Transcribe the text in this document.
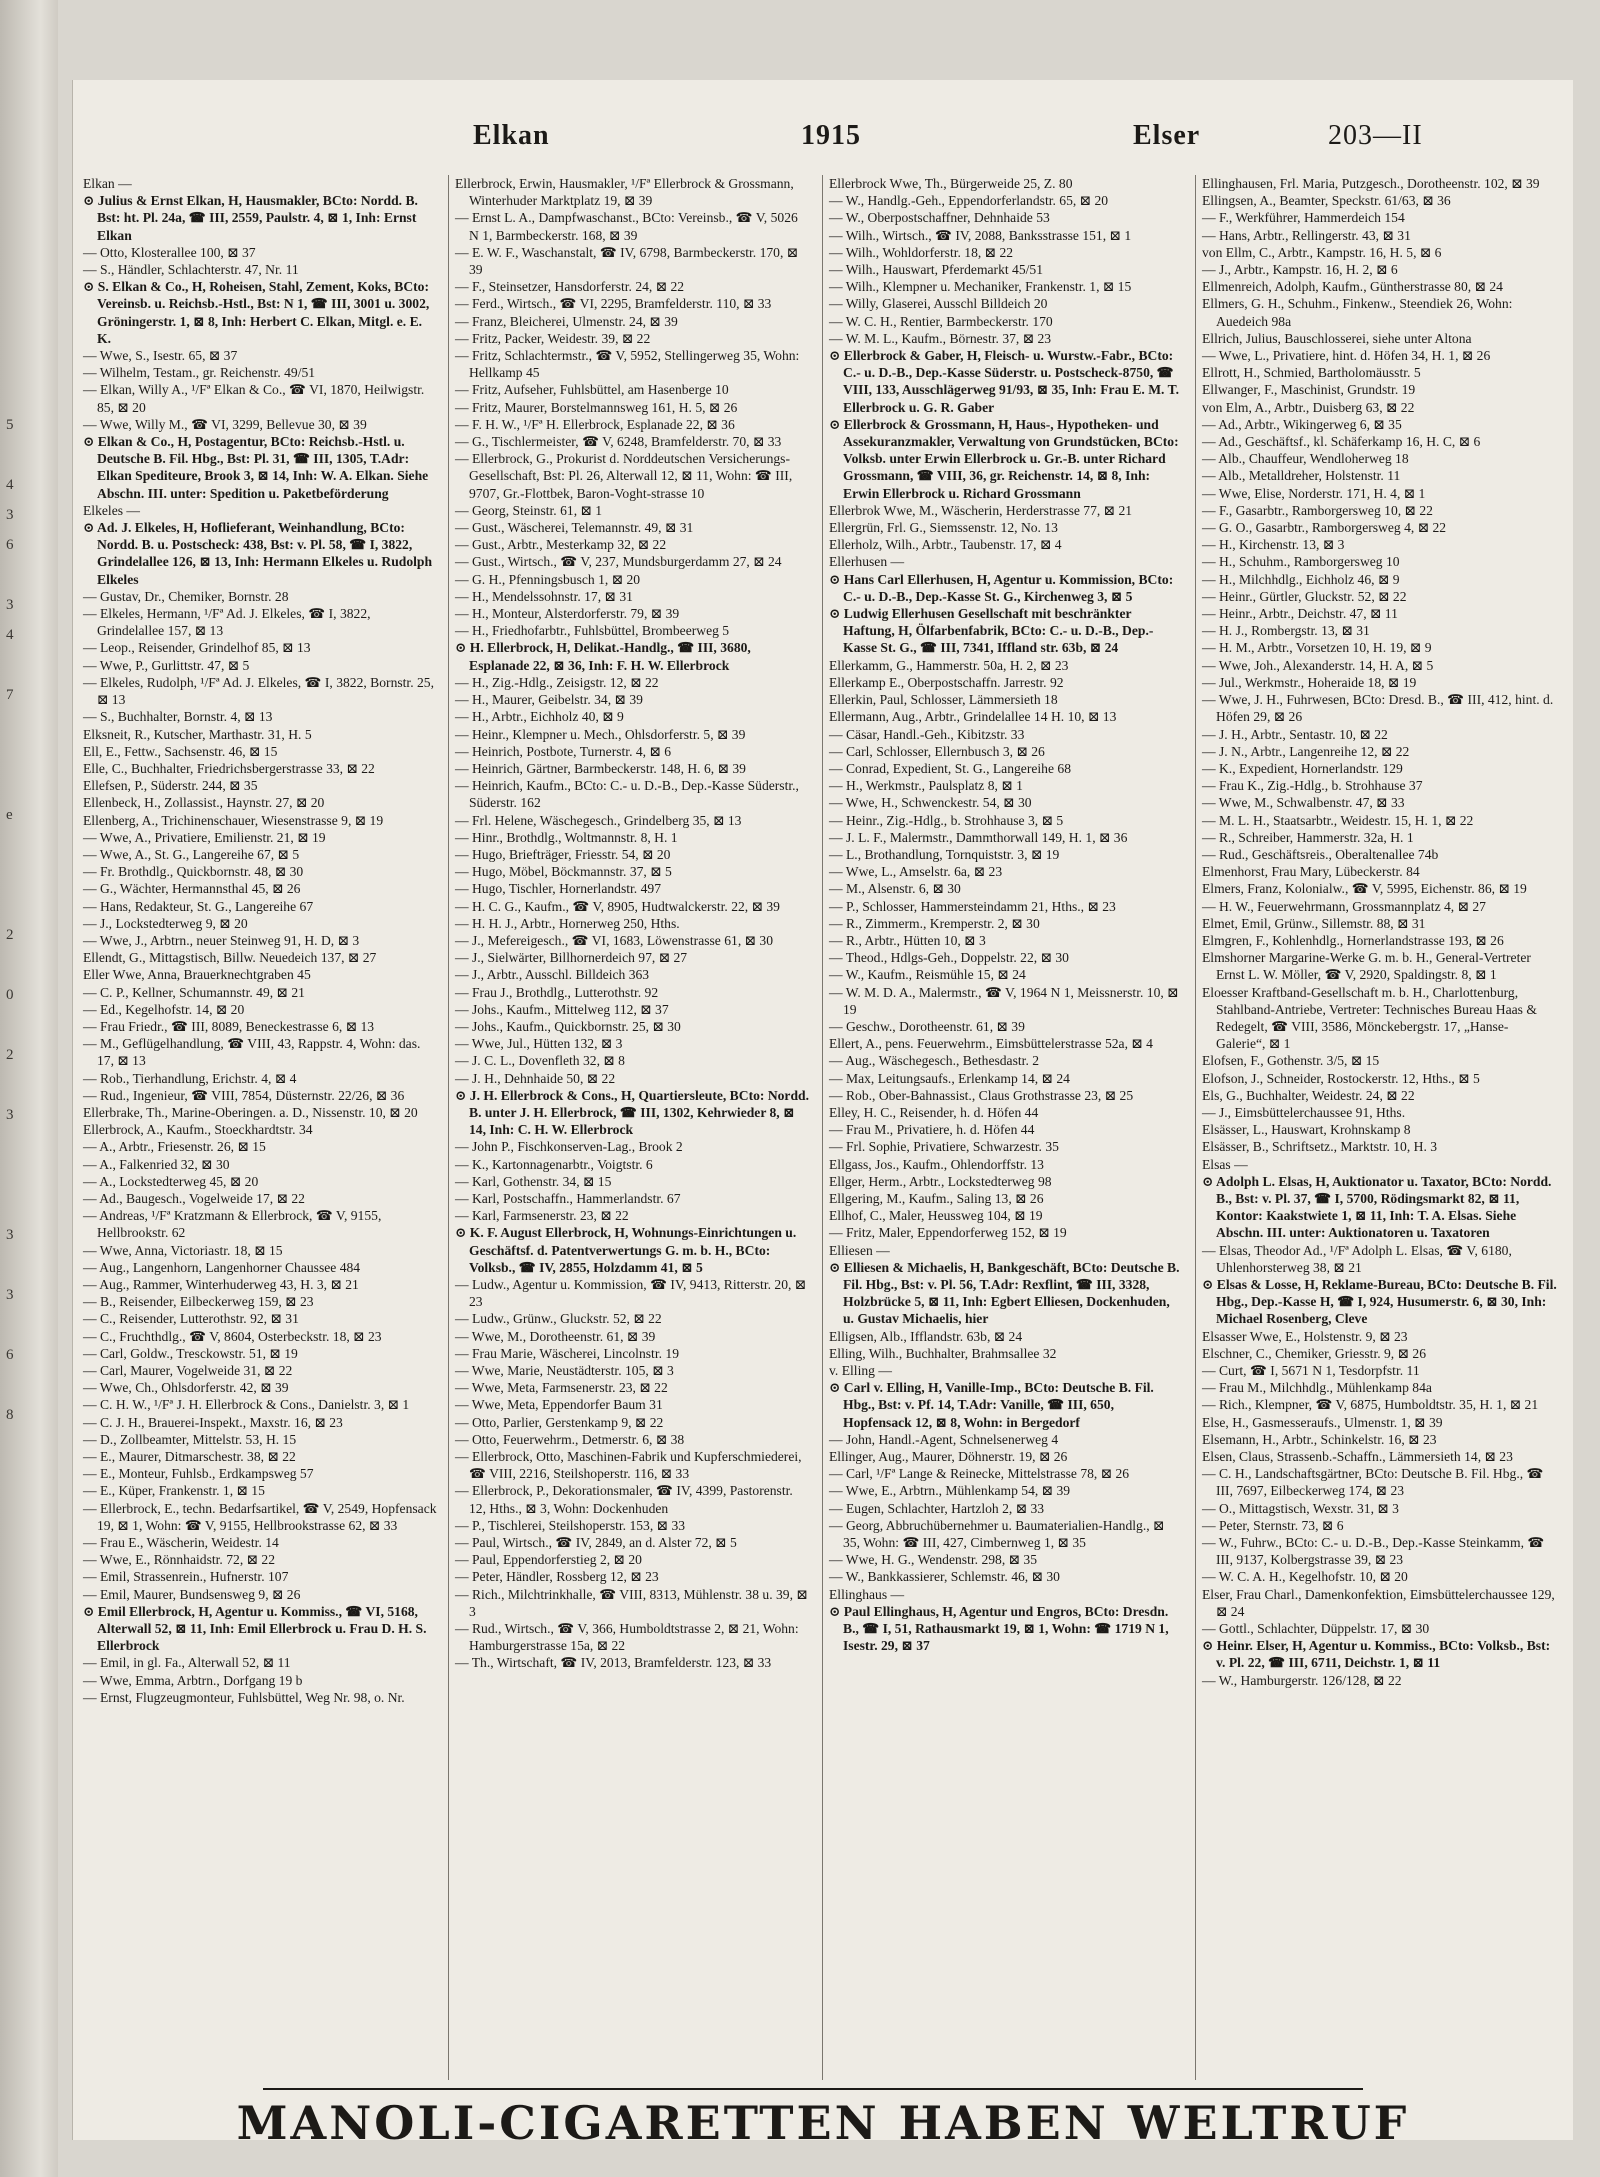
5
4
3
6
3
4
7
e
2
0
2
3
3
3
6
8
Elkan	1915	Elser	203—II

Elkan —

⊙ Julius & Ernst Elkan, H, Hausmakler, BCto: Nordd. B. Bst: ht. Pl. 24a, ☎ III, 2559, Paulstr. 4, ⊠ 1, Inh: Ernst Elkan

— Otto, Klosterallee 100, ⊠ 37

— S., Händler, Schlachterstr. 47, Nr. 11

⊙ S. Elkan & Co., H, Roheisen, Stahl, Zement, Koks, BCto: Vereinsb. u. Reichsb.-Hstl., Bst: N 1, ☎ III, 3001 u. 3002, Gröningerstr. 1, ⊠ 8, Inh: Herbert C. Elkan, Mitgl. e. E. K.

— Wwe, S., Isestr. 65, ⊠ 37

— Wilhelm, Testam., gr. Reichenstr. 49/51

— Elkan, Willy A., ¹/Fª Elkan & Co., ☎ VI, 1870, Heilwigstr. 85, ⊠ 20

— Wwe, Willy M., ☎ VI, 3299, Bellevue 30, ⊠ 39

⊙ Elkan & Co., H, Postagentur, BCto: Reichsb.-Hstl. u. Deutsche B. Fil. Hbg., Bst: Pl. 31, ☎ III, 1305, T.Adr: Elkan Spediteure, Brook 3, ⊠ 14, Inh: W. A. Elkan. Siehe Abschn. III. unter: Spedition u. Paketbeförderung

Elkeles —

⊙ Ad. J. Elkeles, H, Hoflieferant, Weinhandlung, BCto: Nordd. B. u. Postscheck: 438, Bst: v. Pl. 58, ☎ I, 3822, Grindelallee 126, ⊠ 13, Inh: Hermann Elkeles u. Rudolph Elkeles

— Gustav, Dr., Chemiker, Bornstr. 28

— Elkeles, Hermann, ¹/Fª Ad. J. Elkeles, ☎ I, 3822, Grindelallee 157, ⊠ 13

— Leop., Reisender, Grindelhof 85, ⊠ 13

— Wwe, P., Gurlittstr. 47, ⊠ 5

— Elkeles, Rudolph, ¹/Fª Ad. J. Elkeles, ☎ I, 3822, Bornstr. 25, ⊠ 13

— S., Buchhalter, Bornstr. 4, ⊠ 13

Elksneit, R., Kutscher, Marthastr. 31, H. 5

Ell, E., Fettw., Sachsenstr. 46, ⊠ 15

Elle, C., Buchhalter, Friedrichsbergerstrasse 33, ⊠ 22

Ellefsen, P., Süderstr. 244, ⊠ 35

Ellenbeck, H., Zollassist., Haynstr. 27, ⊠ 20

Ellenberg, A., Trichinenschauer, Wiesenstrasse 9, ⊠ 19

— Wwe, A., Privatiere, Emilienstr. 21, ⊠ 19

— Wwe, A., St. G., Langereihe 67, ⊠ 5

— Fr. Brothdlg., Quickbornstr. 48, ⊠ 30

— G., Wächter, Hermannsthal 45, ⊠ 26

— Hans, Redakteur, St. G., Langereihe 67

— J., Lockstedterweg 9, ⊠ 20

— Wwe, J., Arbtrn., neuer Steinweg 91, H. D, ⊠ 3

Ellendt, G., Mittagstisch, Billw. Neuedeich 137, ⊠ 27

Eller Wwe, Anna, Brauerknechtgraben 45

— C. P., Kellner, Schumannstr. 49, ⊠ 21

— Ed., Kegelhofstr. 14, ⊠ 20

— Frau Friedr., ☎ III, 8089, Beneckestrasse 6, ⊠ 13

— M., Geflügelhandlung, ☎ VIII, 43, Rappstr. 4, Wohn: das. 17, ⊠ 13

— Rob., Tierhandlung, Erichstr. 4, ⊠ 4

— Rud., Ingenieur, ☎ VIII, 7854, Düsternstr. 22/26, ⊠ 36

Ellerbrake, Th., Marine-Oberingen. a. D., Nissenstr. 10, ⊠ 20

Ellerbrock, A., Kaufm., Stoeckhardtstr. 34

— A., Arbtr., Friesenstr. 26, ⊠ 15

— A., Falkenried 32, ⊠ 30

— A., Lockstedterweg 45, ⊠ 20

— Ad., Baugesch., Vogelweide 17, ⊠ 22

— Andreas, ¹/Fª Kratzmann & Ellerbrock, ☎ V, 9155, Hellbrookstr. 62

— Wwe, Anna, Victoriastr. 18, ⊠ 15

— Aug., Langenhorn, Langenhorner Chaussee 484

— Aug., Rammer, Winterhuderweg 43, H. 3, ⊠ 21

— B., Reisender, Eilbeckerweg 159, ⊠ 23

— C., Reisender, Lutterothstr. 92, ⊠ 31

— C., Fruchthdlg., ☎ V, 8604, Osterbeckstr. 18, ⊠ 23

— Carl, Goldw., Tresckowstr. 51, ⊠ 19

— Carl, Maurer, Vogelweide 31, ⊠ 22

— Wwe, Ch., Ohlsdorferstr. 42, ⊠ 39

— C. H. W., ¹/Fª J. H. Ellerbrock & Cons., Danielstr. 3, ⊠ 1

— C. J. H., Brauerei-Inspekt., Maxstr. 16, ⊠ 23

— D., Zollbeamter, Mittelstr. 53, H. 15

— E., Maurer, Ditmarschestr. 38, ⊠ 22

— E., Monteur, Fuhlsb., Erdkampsweg 57

— E., Küper, Frankenstr. 1, ⊠ 15

— Ellerbrock, E., techn. Bedarfsartikel, ☎ V, 2549, Hopfensack 19, ⊠ 1, Wohn: ☎ V, 9155, Hellbrookstrasse 62, ⊠ 33

— Frau E., Wäscherin, Weidestr. 14

— Wwe, E., Rönnhaidstr. 72, ⊠ 22

— Emil, Strassenrein., Hufnerstr. 107

— Emil, Maurer, Bundsensweg 9, ⊠ 26

⊙ Emil Ellerbrock, H, Agentur u. Kommiss., ☎ VI, 5168, Alterwall 52, ⊠ 11, Inh: Emil Ellerbrock u. Frau D. H. S. Ellerbrock

— Emil, in gl. Fa., Alterwall 52, ⊠ 11

— Wwe, Emma, Arbtrn., Dorfgang 19 b

— Ernst, Flugzeugmonteur, Fuhlsbüttel, Weg Nr. 98, o. Nr.

Ellerbrock, Erwin, Hausmakler, ¹/Fª Ellerbrock & Grossmann, Winterhuder Marktplatz 19, ⊠ 39

— Ernst L. A., Dampfwaschanst., BCto: Vereinsb., ☎ V, 5026 N 1, Barmbeckerstr. 168, ⊠ 39

— E. W. F., Waschanstalt, ☎ IV, 6798, Barmbeckerstr. 170, ⊠ 39

— F., Steinsetzer, Hansdorferstr. 24, ⊠ 22

— Ferd., Wirtsch., ☎ VI, 2295, Bramfelderstr. 110, ⊠ 33

— Franz, Bleicherei, Ulmenstr. 24, ⊠ 39

— Fritz, Packer, Weidestr. 39, ⊠ 22

— Fritz, Schlachtermstr., ☎ V, 5952, Stellingerweg 35, Wohn: Hellkamp 45

— Fritz, Aufseher, Fuhlsbüttel, am Hasenberge 10

— Fritz, Maurer, Borstelmannsweg 161, H. 5, ⊠ 26

— F. H. W., ¹/Fª H. Ellerbrock, Esplanade 22, ⊠ 36

— G., Tischlermeister, ☎ V, 6248, Bramfelderstr. 70, ⊠ 33

— Ellerbrock, G., Prokurist d. Norddeutschen Versicherungs-Gesellschaft, Bst: Pl. 26, Alterwall 12, ⊠ 11, Wohn: ☎ III, 9707, Gr.-Flottbek, Baron-Voght-strasse 10

— Georg, Steinstr. 61, ⊠ 1

— Gust., Wäscherei, Telemannstr. 49, ⊠ 31

— Gust., Arbtr., Mesterkamp 32, ⊠ 22

— Gust., Wirtsch., ☎ V, 237, Mundsburgerdamm 27, ⊠ 24

— G. H., Pfenningsbusch 1, ⊠ 20

— H., Mendelssohnstr. 17, ⊠ 31

— H., Monteur, Alsterdorferstr. 79, ⊠ 39

— H., Friedhofarbtr., Fuhlsbüttel, Brombeerweg 5

⊙ H. Ellerbrock, H, Delikat.-Handlg., ☎ III, 3680, Esplanade 22, ⊠ 36, Inh: F. H. W. Ellerbrock

— H., Zig.-Hdlg., Zeisigstr. 12, ⊠ 22

— H., Maurer, Geibelstr. 34, ⊠ 39

— H., Arbtr., Eichholz 40, ⊠ 9

— Heinr., Klempner u. Mech., Ohlsdorferstr. 5, ⊠ 39

— Heinrich, Postbote, Turnerstr. 4, ⊠ 6

— Heinrich, Gärtner, Barmbeckerstr. 148, H. 6, ⊠ 39

— Heinrich, Kaufm., BCto: C.- u. D.-B., Dep.-Kasse Süderstr., Süderstr. 162

— Frl. Helene, Wäschegesch., Grindelberg 35, ⊠ 13

— Hinr., Brothdlg., Woltmannstr. 8, H. 1

— Hugo, Briefträger, Friesstr. 54, ⊠ 20

— Hugo, Möbel, Böckmannstr. 37, ⊠ 5

— Hugo, Tischler, Hornerlandstr. 497

— H. C. G., Kaufm., ☎ V, 8905, Hudtwalckerstr. 22, ⊠ 39

— H. H. J., Arbtr., Hornerweg 250, Hths.

— J., Mefereigesch., ☎ VI, 1683, Löwenstrasse 61, ⊠ 30

— J., Sielwärter, Billhornerdeich 97, ⊠ 27

— J., Arbtr., Ausschl. Billdeich 363

— Frau J., Brothdlg., Lutterothstr. 92

— Johs., Kaufm., Mittelweg 112, ⊠ 37

— Johs., Kaufm., Quickbornstr. 25, ⊠ 30

— Wwe, Jul., Hütten 132, ⊠ 3

— J. C. L., Dovenfleth 32, ⊠ 8

— J. H., Dehnhaide 50, ⊠ 22

⊙ J. H. Ellerbrock & Cons., H, Quartiersleute, BCto: Nordd. B. unter J. H. Ellerbrock, ☎ III, 1302, Kehrwieder 8, ⊠ 14, Inh: C. H. W. Ellerbrock

— John P., Fischkonserven-Lag., Brook 2

— K., Kartonnagenarbtr., Voigtstr. 6

— Karl, Gothenstr. 34, ⊠ 15

— Karl, Postschaffn., Hammerlandstr. 67

— Karl, Farmsenerstr. 23, ⊠ 22

⊙ K. F. August Ellerbrock, H, Wohnungs-Einrichtungen u. Geschäftsf. d. Patentverwertungs G. m. b. H., BCto: Volksb., ☎ IV, 2855, Holzdamm 41, ⊠ 5

— Ludw., Agentur u. Kommission, ☎ IV, 9413, Ritterstr. 20, ⊠ 23

— Ludw., Grünw., Gluckstr. 52, ⊠ 22

— Wwe, M., Dorotheenstr. 61, ⊠ 39

— Frau Marie, Wäscherei, Lincolnstr. 19

— Wwe, Marie, Neustädterstr. 105, ⊠ 3

— Wwe, Meta, Farmsenerstr. 23, ⊠ 22

— Wwe, Meta, Eppendorfer Baum 31

— Otto, Parlier, Gerstenkamp 9, ⊠ 22

— Otto, Feuerwehrm., Detmerstr. 6, ⊠ 38

— Ellerbrock, Otto, Maschinen-Fabrik und Kupferschmiederei, ☎ VIII, 2216, Steilshoperstr. 116, ⊠ 33

— Ellerbrock, P., Dekorationsmaler, ☎ IV, 4399, Pastorenstr. 12, Hths., ⊠ 3, Wohn: Dockenhuden

— P., Tischlerei, Steilshoperstr. 153, ⊠ 33

— Paul, Wirtsch., ☎ IV, 2849, an d. Alster 72, ⊠ 5

— Paul, Eppendorferstieg 2, ⊠ 20

— Peter, Händler, Rossberg 12, ⊠ 23

— Rich., Milchtrinkhalle, ☎ VIII, 8313, Mühlenstr. 38 u. 39, ⊠ 3

— Rud., Wirtsch., ☎ V, 366, Humboldtstrasse 2, ⊠ 21, Wohn: Hamburgerstrasse 15a, ⊠ 22

— Th., Wirtschaft, ☎ IV, 2013, Bramfelderstr. 123, ⊠ 33

Ellerbrock Wwe, Th., Bürgerweide 25, Z. 80

— W., Handlg.-Geh., Eppendorferlandstr. 65, ⊠ 20

— W., Oberpostschaffner, Dehnhaide 53

— Wilh., Wirtsch., ☎ IV, 2088, Banksstrasse 151, ⊠ 1

— Wilh., Wohldorferstr. 18, ⊠ 22

— Wilh., Hauswart, Pferdemarkt 45/51

— Wilh., Klempner u. Mechaniker, Frankenstr. 1, ⊠ 15

— Willy, Glaserei, Ausschl Billdeich 20

— W. C. H., Rentier, Barmbeckerstr. 170

— W. M. L., Kaufm., Börnestr. 37, ⊠ 23

⊙ Ellerbrock & Gaber, H, Fleisch- u. Wurstw.-Fabr., BCto: C.- u. D.-B., Dep.-Kasse Süderstr. u. Postscheck-8750, ☎ VIII, 133, Ausschlägerweg 91/93, ⊠ 35, Inh: Frau E. M. T. Ellerbrock u. G. R. Gaber

⊙ Ellerbrock & Grossmann, H, Haus-, Hypotheken- und Assekuranzmakler, Verwaltung von Grundstücken, BCto: Volksb. unter Erwin Ellerbrock u. Gr.-B. unter Richard Grossmann, ☎ VIII, 36, gr. Reichenstr. 14, ⊠ 8, Inh: Erwin Ellerbrock u. Richard Grossmann

Ellerbrok Wwe, M., Wäscherin, Herderstrasse 77, ⊠ 21

Ellergrün, Frl. G., Siemssenstr. 12, No. 13

Ellerholz, Wilh., Arbtr., Taubenstr. 17, ⊠ 4

Ellerhusen —

⊙ Hans Carl Ellerhusen, H, Agentur u. Kommission, BCto: C.- u. D.-B., Dep.-Kasse St. G., Kirchenweg 3, ⊠ 5

⊙ Ludwig Ellerhusen Gesellschaft mit beschränkter Haftung, H, Ölfarbenfabrik, BCto: C.- u. D.-B., Dep.-Kasse St. G., ☎ III, 7341, Iffland str. 63b, ⊠ 24

Ellerkamm, G., Hammerstr. 50a, H. 2, ⊠ 23

Ellerkamp E., Oberpostschaffn. Jarrestr. 92

Ellerkin, Paul, Schlosser, Lämmersieth 18

Ellermann, Aug., Arbtr., Grindelallee 14 H. 10, ⊠ 13

— Cäsar, Handl.-Geh., Kibitzstr. 33

— Carl, Schlosser, Ellernbusch 3, ⊠ 26

— Conrad, Expedient, St. G., Langereihe 68

— H., Werkmstr., Paulsplatz 8, ⊠ 1

— Wwe, H., Schwenckestr. 54, ⊠ 30

— Heinr., Zig.-Hdlg., b. Strohhause 3, ⊠ 5

— J. L. F., Malermstr., Dammthorwall 149, H. 1, ⊠ 36

— L., Brothandlung, Tornquiststr. 3, ⊠ 19

— Wwe, L., Amselstr. 6a, ⊠ 23

— M., Alsenstr. 6, ⊠ 30

— P., Schlosser, Hammersteindamm 21, Hths., ⊠ 23

— R., Zimmerm., Kremperstr. 2, ⊠ 30

— R., Arbtr., Hütten 10, ⊠ 3

— Theod., Hdlgs-Geh., Doppelstr. 22, ⊠ 30

— W., Kaufm., Reismühle 15, ⊠ 24

— W. M. D. A., Malermstr., ☎ V, 1964 N 1, Meissnerstr. 10, ⊠ 19

— Geschw., Dorotheenstr. 61, ⊠ 39

Ellert, A., pens. Feuerwehrm., Eimsbüttelerstrasse 52a, ⊠ 4

— Aug., Wäschegesch., Bethesdastr. 2

— Max, Leitungsaufs., Erlenkamp 14, ⊠ 24

— Rob., Ober-Bahnassist., Claus Grothstrasse 23, ⊠ 25

Elley, H. C., Reisender, h. d. Höfen 44

— Frau M., Privatiere, h. d. Höfen 44

— Frl. Sophie, Privatiere, Schwarzestr. 35

Ellgass, Jos., Kaufm., Ohlendorffstr. 13

Ellger, Herm., Arbtr., Lockstedterweg 98

Ellgering, M., Kaufm., Saling 13, ⊠ 26

Ellhof, C., Maler, Heussweg 104, ⊠ 19

— Fritz, Maler, Eppendorferweg 152, ⊠ 19

Elliesen —

⊙ Elliesen & Michaelis, H, Bankgeschäft, BCto: Deutsche B. Fil. Hbg., Bst: v. Pl. 56, T.Adr: Rexflint, ☎ III, 3328, Holzbrücke 5, ⊠ 11, Inh: Egbert Elliesen, Dockenhuden, u. Gustav Michaelis, hier

Elligsen, Alb., Ifflandstr. 63b, ⊠ 24

Elling, Wilh., Buchhalter, Brahmsallee 32

v. Elling —

⊙ Carl v. Elling, H, Vanille-Imp., BCto: Deutsche B. Fil. Hbg., Bst: v. Pf. 14, T.Adr: Vanille, ☎ III, 650, Hopfensack 12, ⊠ 8, Wohn: in Bergedorf

— John, Handl.-Agent, Schnelsenerweg 4

Ellinger, Aug., Maurer, Döhnerstr. 19, ⊠ 26

— Carl, ¹/Fª Lange & Reinecke, Mittelstrasse 78, ⊠ 26

— Wwe, E., Arbtrn., Mühlenkamp 54, ⊠ 39

— Eugen, Schlachter, Hartzloh 2, ⊠ 33

— Georg, Abbruchübernehmer u. Baumaterialien-Handlg., ⊠ 35, Wohn: ☎ III, 427, Cimbernweg 1, ⊠ 35

— Wwe, H. G., Wendenstr. 298, ⊠ 35

— W., Bankkassierer, Schlemstr. 46, ⊠ 30

Ellinghaus —

⊙ Paul Ellinghaus, H, Agentur und Engros, BCto: Dresdn. B., ☎ I, 51, Rathausmarkt 19, ⊠ 1, Wohn: ☎ 1719 N 1, Isestr. 29, ⊠ 37

Ellinghausen, Frl. Maria, Putzgesch., Dorotheenstr. 102, ⊠ 39

Ellingsen, A., Beamter, Speckstr. 61/63, ⊠ 36

— F., Werkführer, Hammerdeich 154

— Hans, Arbtr., Rellingerstr. 43, ⊠ 31

von Ellm, C., Arbtr., Kampstr. 16, H. 5, ⊠ 6

— J., Arbtr., Kampstr. 16, H. 2, ⊠ 6

Ellmenreich, Adolph, Kaufm., Güntherstrasse 80, ⊠ 24

Ellmers, G. H., Schuhm., Finkenw., Steendiek 26, Wohn: Auedeich 98a

Ellrich, Julius, Bauschlosserei, siehe unter Altona

— Wwe, L., Privatiere, hint. d. Höfen 34, H. 1, ⊠ 26

Ellrott, H., Schmied, Bartholomäusstr. 5

Ellwanger, F., Maschinist, Grundstr. 19

von Elm, A., Arbtr., Duisberg 63, ⊠ 22

— Ad., Arbtr., Wikingerweg 6, ⊠ 35

— Ad., Geschäftsf., kl. Schäferkamp 16, H. C, ⊠ 6

— Alb., Chauffeur, Wendloherweg 18

— Alb., Metalldreher, Holstenstr. 11

— Wwe, Elise, Norderstr. 171, H. 4, ⊠ 1

— F., Gasarbtr., Ramborgersweg 10, ⊠ 22

— G. O., Gasarbtr., Ramborgersweg 4, ⊠ 22

— H., Kirchenstr. 13, ⊠ 3

— H., Schuhm., Ramborgersweg 10

— H., Milchhdlg., Eichholz 46, ⊠ 9

— Heinr., Gürtler, Gluckstr. 52, ⊠ 22

— Heinr., Arbtr., Deichstr. 47, ⊠ 11

— H. J., Rombergstr. 13, ⊠ 31

— H. M., Arbtr., Vorsetzen 10, H. 19, ⊠ 9

— Wwe, Joh., Alexanderstr. 14, H. A, ⊠ 5

— Jul., Werkmstr., Hoheraide 18, ⊠ 19

— Wwe, J. H., Fuhrwesen, BCto: Dresd. B., ☎ III, 412, hint. d. Höfen 29, ⊠ 26

— J. H., Arbtr., Sentastr. 10, ⊠ 22

— J. N., Arbtr., Langenreihe 12, ⊠ 22

— K., Expedient, Hornerlandstr. 129

— Frau K., Zig.-Hdlg., b. Strohhause 37

— Wwe, M., Schwalbenstr. 47, ⊠ 33

— M. L. H., Staatsarbtr., Weidestr. 15, H. 1, ⊠ 22

— R., Schreiber, Hammerstr. 32a, H. 1

— Rud., Geschäftsreis., Oberaltenallee 74b

Elmenhorst, Frau Mary, Lübeckerstr. 84

Elmers, Franz, Kolonialw., ☎ V, 5995, Eichenstr. 86, ⊠ 19

— H. W., Feuerwehrmann, Grossmannplatz 4, ⊠ 27

Elmet, Emil, Grünw., Sillemstr. 88, ⊠ 31

Elmgren, F., Kohlenhdlg., Hornerlandstrasse 193, ⊠ 26

Elmshorner Margarine-Werke G. m. b. H., General-Vertreter Ernst L. W. Möller, ☎ V, 2920, Spaldingstr. 8, ⊠ 1

Eloesser Kraftband-Gesellschaft m. b. H., Charlottenburg, Stahlband-Antriebe, Vertreter: Technisches Bureau Haas & Redegelt, ☎ VIII, 3586, Mönckebergstr. 17, „Hanse-Galerie“, ⊠ 1

Elofsen, F., Gothenstr. 3/5, ⊠ 15

Elofson, J., Schneider, Rostockerstr. 12, Hths., ⊠ 5

Els, G., Buchhalter, Weidestr. 24, ⊠ 22

— J., Eimsbüttelerchaussee 91, Hths.

Elsässer, L., Hauswart, Krohnskamp 8

Elsässer, B., Schriftsetz., Marktstr. 10, H. 3

Elsas —

⊙ Adolph L. Elsas, H, Auktionator u. Taxator, BCto: Nordd. B., Bst: v. Pl. 37, ☎ I, 5700, Rödingsmarkt 82, ⊠ 11, Kontor: Kaakstwiete 1, ⊠ 11, Inh: T. A. Elsas. Siehe Abschn. III. unter: Auktionatoren u. Taxatoren

— Elsas, Theodor Ad., ¹/Fª Adolph L. Elsas, ☎ V, 6180, Uhlenhorsterweg 38, ⊠ 21

⊙ Elsas & Losse, H, Reklame-Bureau, BCto: Deutsche B. Fil. Hbg., Dep.-Kasse H, ☎ I, 924, Husumerstr. 6, ⊠ 30, Inh: Michael Rosenberg, Cleve

Elsasser Wwe, E., Holstenstr. 9, ⊠ 23

Elschner, C., Chemiker, Griesstr. 9, ⊠ 26

— Curt, ☎ I, 5671 N 1, Tesdorpfstr. 11

— Frau M., Milchhdlg., Mühlenkamp 84a

— Rich., Klempner, ☎ V, 6875, Humboldtstr. 35, H. 1, ⊠ 21

Else, H., Gasmesseraufs., Ulmenstr. 1, ⊠ 39

Elsemann, H., Arbtr., Schinkelstr. 16, ⊠ 23

Elsen, Claus, Strassenb.-Schaffn., Lämmersieth 14, ⊠ 23

— C. H., Landschaftsgärtner, BCto: Deutsche B. Fil. Hbg., ☎ III, 7697, Eilbeckerweg 174, ⊠ 23

— O., Mittagstisch, Wexstr. 31, ⊠ 3

— Peter, Sternstr. 73, ⊠ 6

— W., Fuhrw., BCto: C.- u. D.-B., Dep.-Kasse Steinkamm, ☎ III, 9137, Kolbergstrasse 39, ⊠ 23

— W. C. A. H., Kegelhofstr. 10, ⊠ 20

Elser, Frau Charl., Damenkonfektion, Eimsbüttelerchaussee 129, ⊠ 24

— Gottl., Schlachter, Düppelstr. 17, ⊠ 30

⊙ Heinr. Elser, H, Agentur u. Kommiss., BCto: Volksb., Bst: v. Pl. 22, ☎ III, 6711, Deichstr. 1, ⊠ 11

— W., Hamburgerstr. 126/128, ⊠ 22

MANOLI-CIGARETTEN HABEN WELTRUF
